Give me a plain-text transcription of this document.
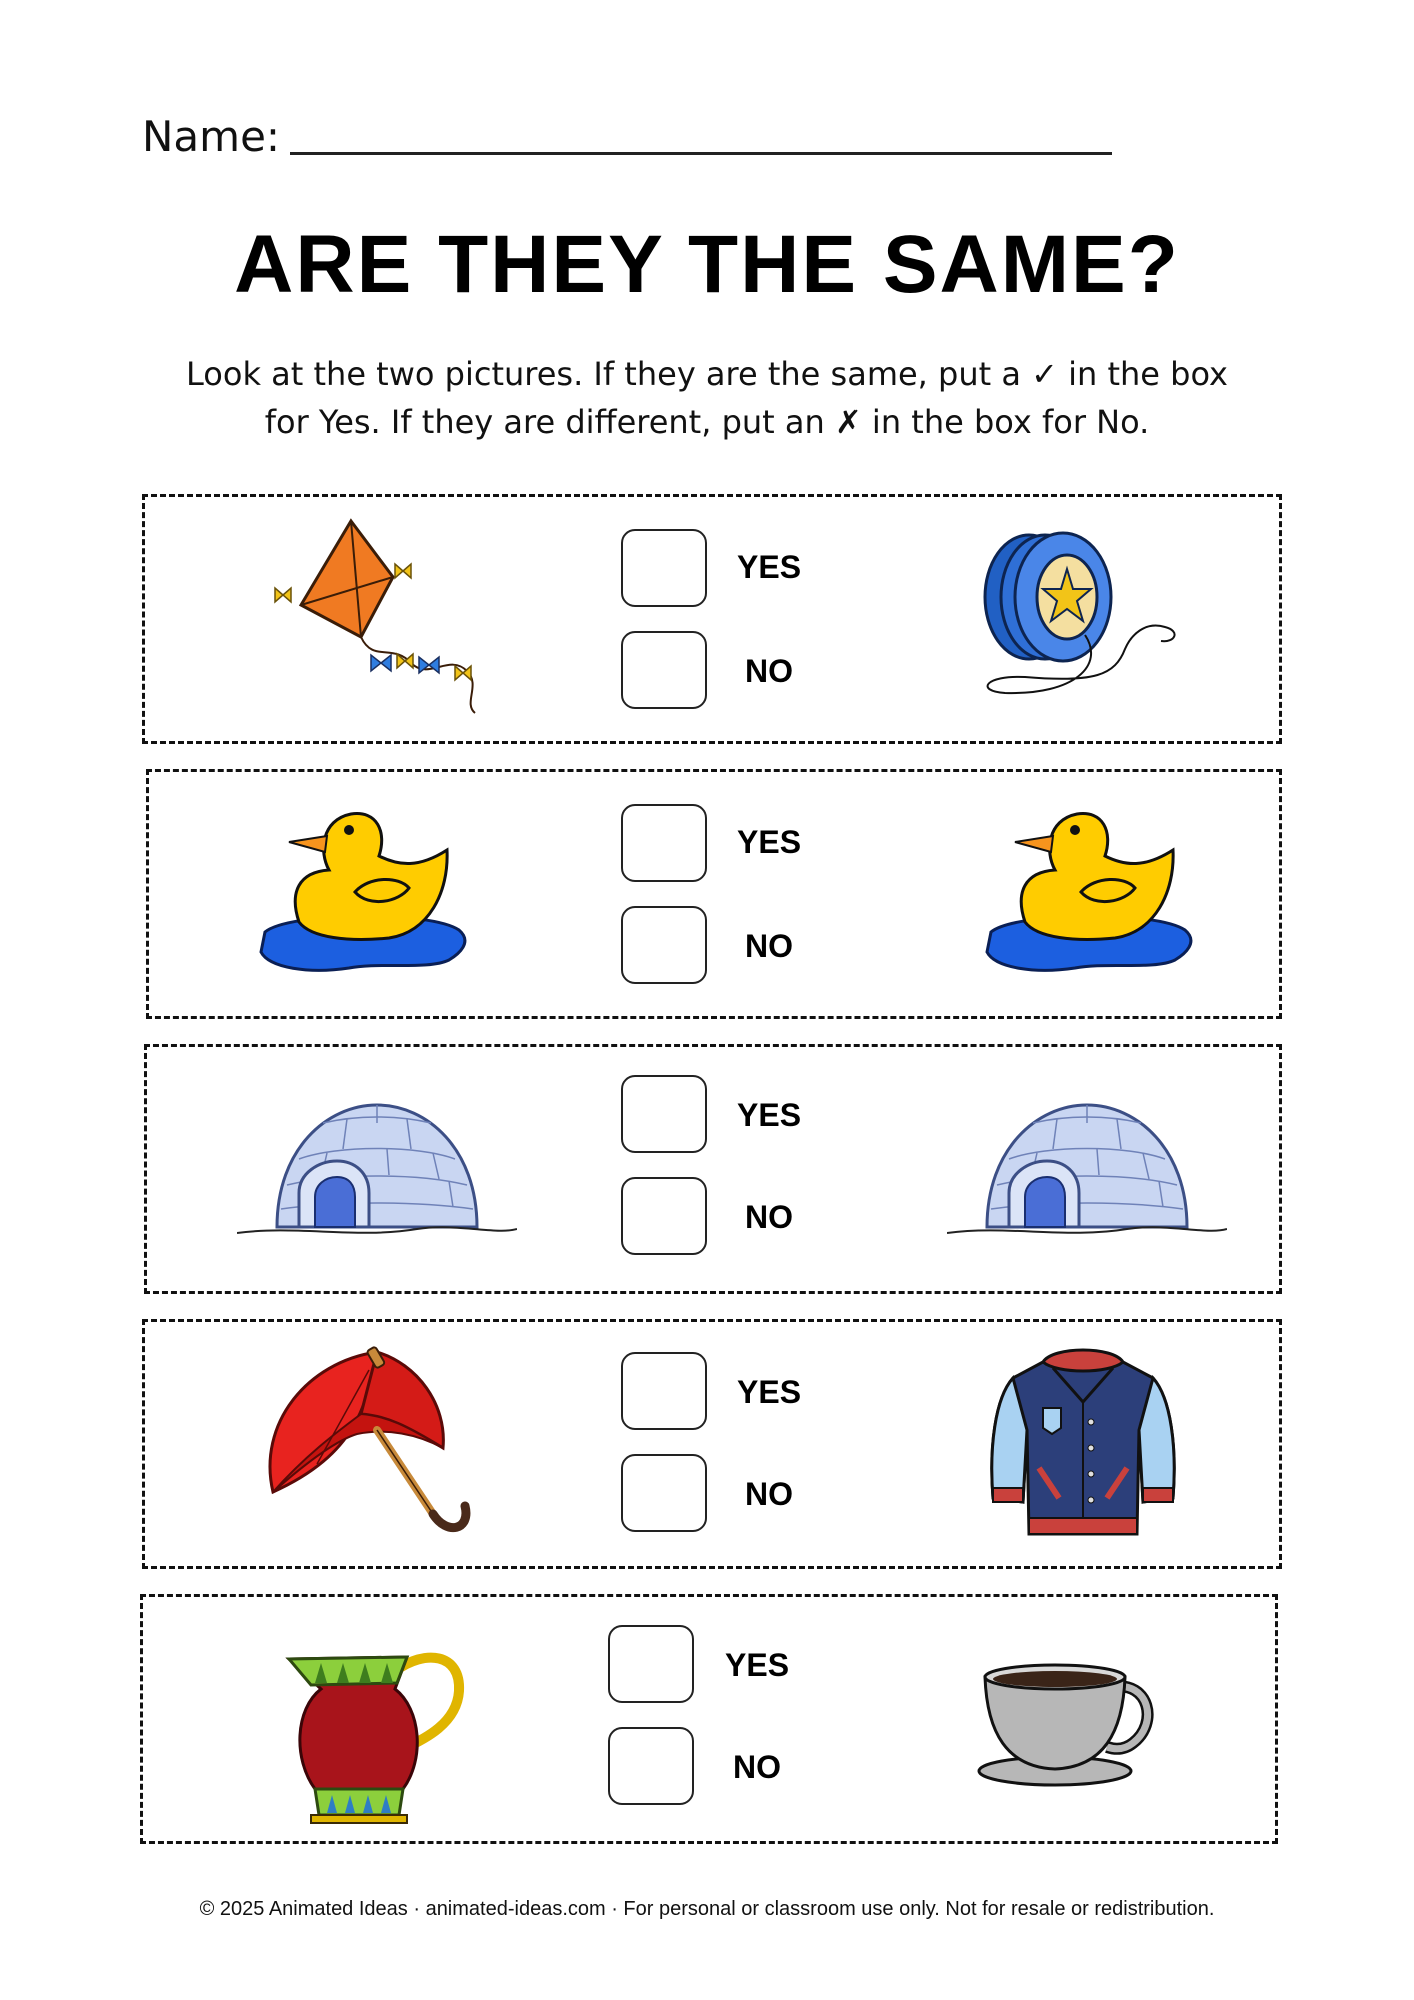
Name:
ARE THEY THE SAME?
Look at the two pictures. If they are the same, put a ✓ in the box
for Yes. If they are different, put an ✗ in the box for No.
YES
NO
YES
NO
YES
NO
YES
NO
YES
NO
© 2025 Animated Ideas · animated-ideas.com · For personal or classroom use only. Not for resale or redistribution.
